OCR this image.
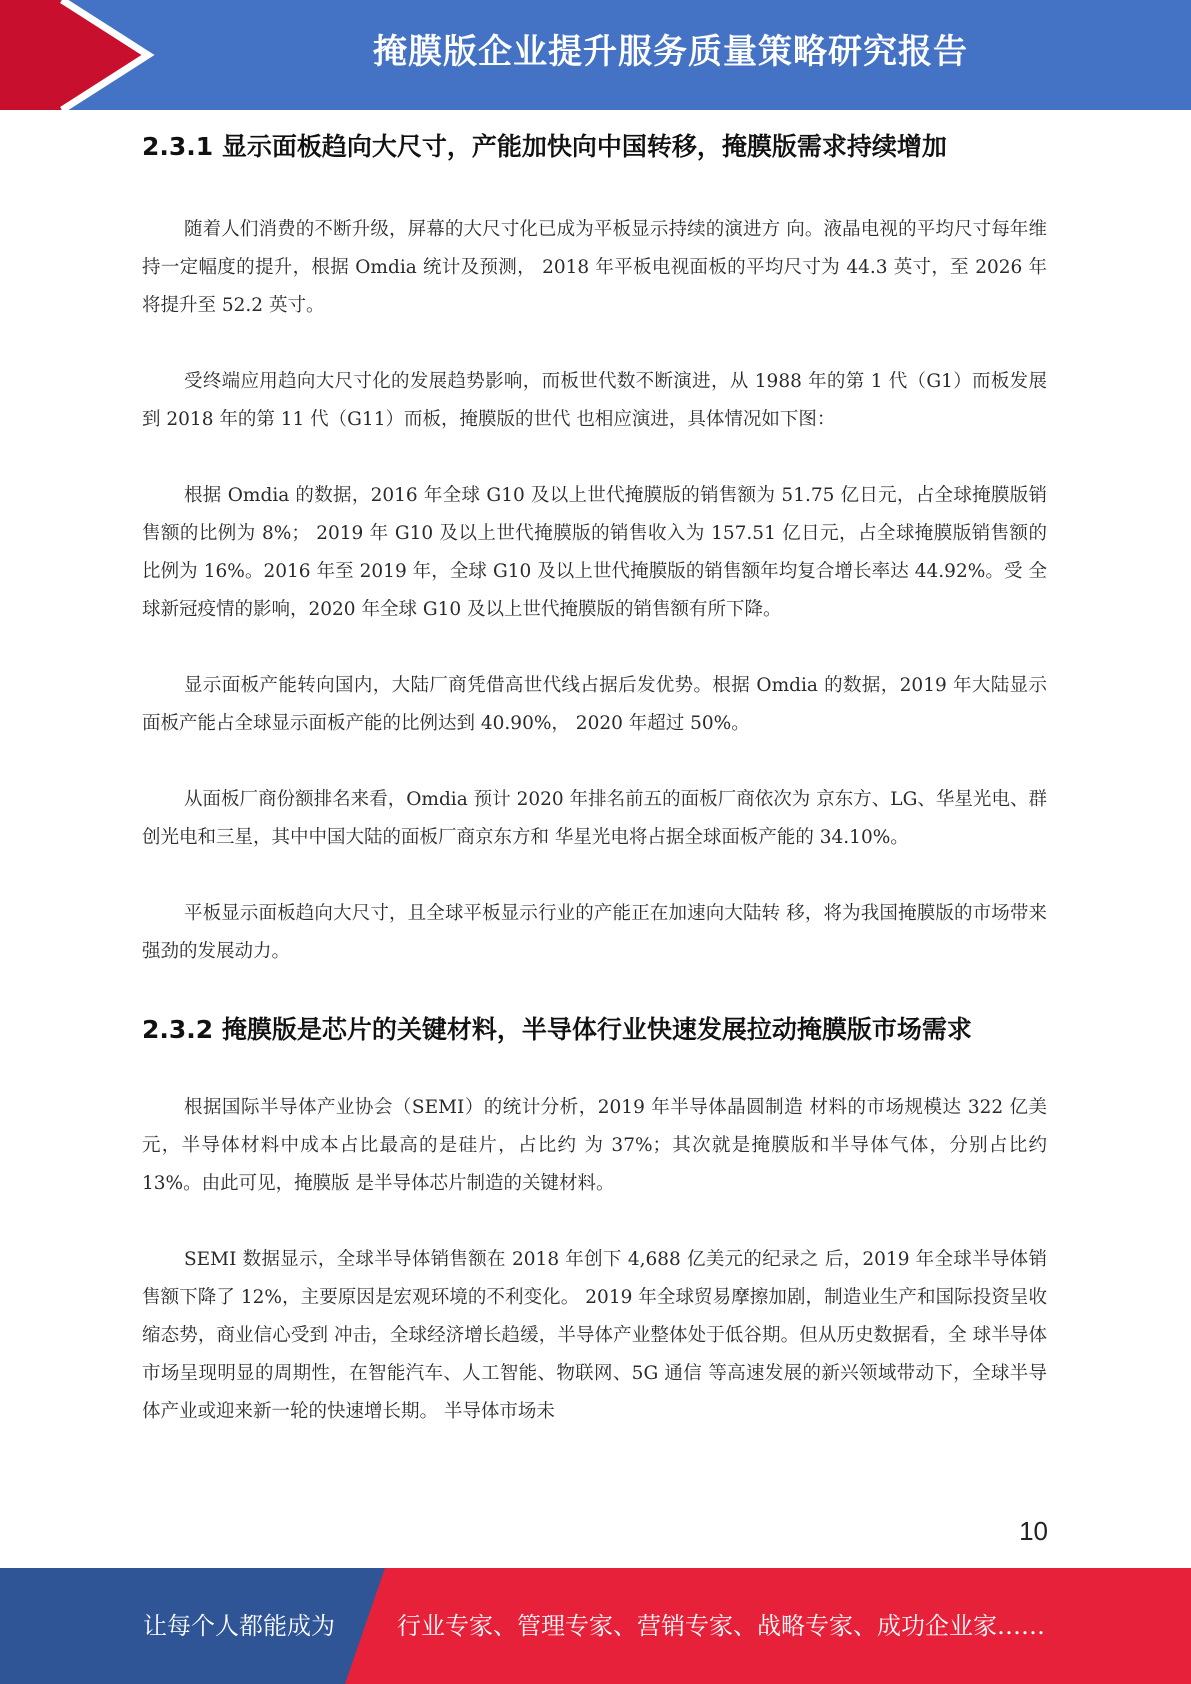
掩膜版企业提升服务质量策略研究报告
2.3.1 显示面板趋向大尺寸，产能加快向中国转移，掩膜版需求持续增加

随着人们消费的不断升级，屏幕的大尺寸化已成为平板显示持续的演进方 向。液晶电视的平均尺寸每年维持一定幅度的提升，根据 Omdia 统计及预测， 2018 年平板电视面板的平均尺寸为 44.3 英寸，至 2026 年将提升至 52.2 英寸。

受终端应用趋向大尺寸化的发展趋势影响，而板世代数不断演进，从 1988 年的第 1 代（G1）而板发展到 2018 年的第 11 代（G11）而板，掩膜版的世代 也相应演进，具体情况如下图：

根据 Omdia 的数据，2016 年全球 G10 及以上世代掩膜版的销售额为 51.75 亿日元，占全球掩膜版销售额的比例为 8%； 2019 年 G10 及以上世代掩膜版的销售收入为 157.51 亿日元，占全球掩膜版销售额的比例为 16%。2016 年至 2019 年，全球 G10 及以上世代掩膜版的销售额年均复合增长率达 44.92%。受 全球新冠疫情的影响，2020 年全球 G10 及以上世代掩膜版的销售额有所下降。

显示面板产能转向国内，大陆厂商凭借高世代线占据后发优势。根据 Omdia 的数据，2019 年大陆显示面板产能占全球显示面板产能的比例达到 40.90%， 2020 年超过 50%。

从面板厂商份额排名来看，Omdia 预计 2020 年排名前五的面板厂商依次为 京东方、LG、华星光电、群创光电和三星，其中中国大陆的面板厂商京东方和 华星光电将占据全球面板产能的 34.10%。

平板显示面板趋向大尺寸，且全球平板显示行业的产能正在加速向大陆转 移，将为我国掩膜版的市场带来强劲的发展动力。

2.3.2 掩膜版是芯片的关键材料，半导体行业快速发展拉动掩膜版市场需求

根据国际半导体产业协会（SEMI）的统计分析，2019 年半导体晶圆制造 材料的市场规模达 322 亿美元，半导体材料中成本占比最高的是硅片，占比约 为 37%；其次就是掩膜版和半导体气体，分别占比约 13%。由此可见，掩膜版 是半导体芯片制造的关键材料。

SEMI 数据显示，全球半导体销售额在 2018 年创下 4,688 亿美元的纪录之 后，2019 年全球半导体销售额下降了 12%，主要原因是宏观环境的不利变化。 2019 年全球贸易摩擦加剧，制造业生产和国际投资呈收缩态势，商业信心受到 冲击，全球经济增长趋缓，半导体产业整体处于低谷期。但从历史数据看，全 球半导体市场呈现明显的周期性，在智能汽车、人工智能、物联网、5G 通信 等高速发展的新兴领域带动下，全球半导体产业或迎来新一轮的快速增长期。 半导体市场未

10
让每个人都能成为	行业专家、管理专家、营销专家、战略专家、成功企业家……
